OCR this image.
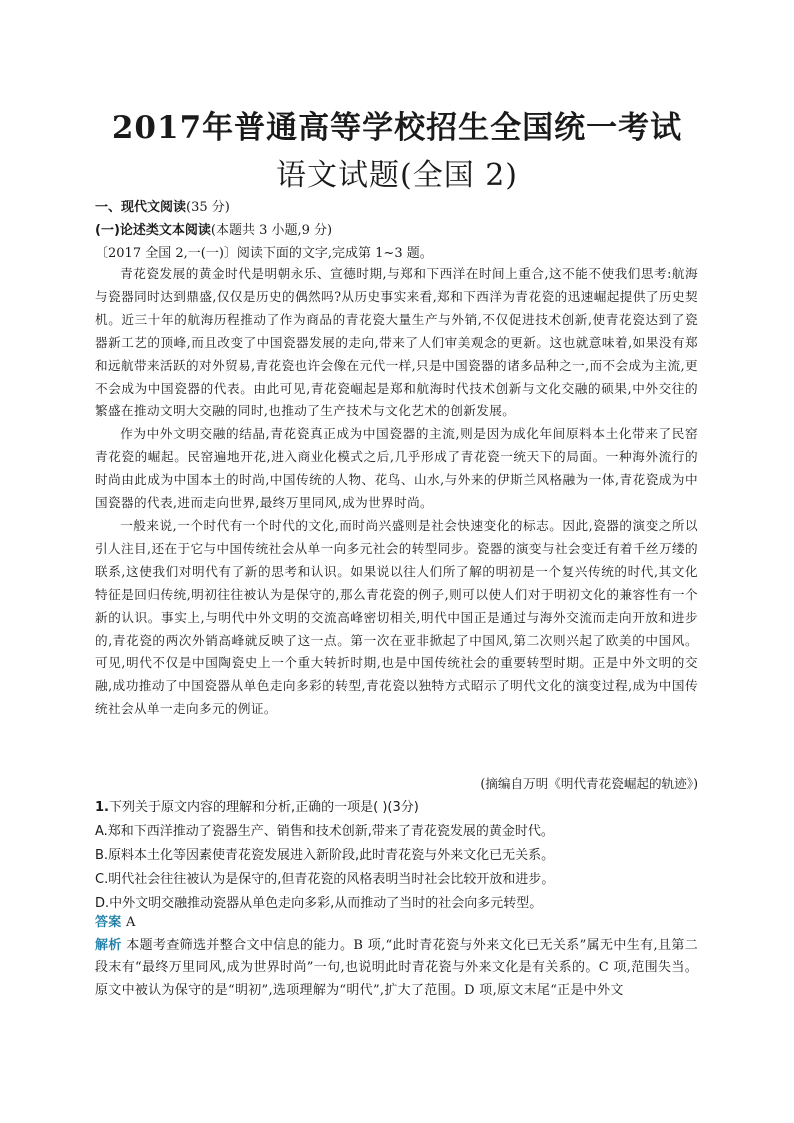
2017年普通高等学校招生全国统一考试
语文试题(全国 2)
一、现代文阅读(35 分)
(一)论述类文本阅读(本题共 3 小题,9 分)
〔2017 全国 2,一(一)〕阅读下面的文字,完成第 1~3 题。

青花瓷发展的黄金时代是明朝永乐、宣德时期,与郑和下西洋在时间上重合,这不能不使我们思考:航海与瓷器同时达到鼎盛,仅仅是历史的偶然吗?从历史事实来看,郑和下西洋为青花瓷的迅速崛起提供了历史契机。近三十年的航海历程推动了作为商品的青花瓷大量生产与外销,不仅促进技术创新,使青花瓷达到了瓷器新工艺的顶峰,而且改变了中国瓷器发展的走向,带来了人们审美观念的更新。这也就意味着,如果没有郑和远航带来活跃的对外贸易,青花瓷也许会像在元代一样,只是中国瓷器的诸多品种之一,而不会成为主流,更不会成为中国瓷器的代表。由此可见,青花瓷崛起是郑和航海时代技术创新与文化交融的硕果,中外交往的繁盛在推动文明大交融的同时,也推动了生产技术与文化艺术的创新发展。

作为中外文明交融的结晶,青花瓷真正成为中国瓷器的主流,则是因为成化年间原料本土化带来了民窑青花瓷的崛起。民窑遍地开花,进入商业化模式之后,几乎形成了青花瓷一统天下的局面。一种海外流行的时尚由此成为中国本土的时尚,中国传统的人物、花鸟、山水,与外来的伊斯兰风格融为一体,青花瓷成为中国瓷器的代表,进而走向世界,最终万里同风,成为世界时尚。

一般来说,一个时代有一个时代的文化,而时尚兴盛则是社会快速变化的标志。因此,瓷器的演变之所以引人注目,还在于它与中国传统社会从单一向多元社会的转型同步。瓷器的演变与社会变迁有着千丝万缕的联系,这使我们对明代有了新的思考和认识。如果说以往人们所了解的明初是一个复兴传统的时代,其文化特征是回归传统,明初往往被认为是保守的,那么青花瓷的例子,则可以使人们对于明初文化的兼容性有一个新的认识。事实上,与明代中外文明的交流高峰密切相关,明代中国正是通过与海外交流而走向开放和进步的,青花瓷的两次外销高峰就反映了这一点。第一次在亚非掀起了中国风,第二次则兴起了欧美的中国风。可见,明代不仅是中国陶瓷史上一个重大转折时期,也是中国传统社会的重要转型时期。正是中外文明的交融,成功推动了中国瓷器从单色走向多彩的转型,青花瓷以独特方式昭示了明代文化的演变过程,成为中国传统社会从单一走向多元的例证。

(摘编自万明《明代青花瓷崛起的轨迹》)
1.下列关于原文内容的理解和分析,正确的一项是( )(3分)
A.郑和下西洋推动了瓷器生产、销售和技术创新,带来了青花瓷发展的黄金时代。
B.原料本土化等因素使青花瓷发展进入新阶段,此时青花瓷与外来文化已无关系。
C.明代社会往往被认为是保守的,但青花瓷的风格表明当时社会比较开放和进步。
D.中外文明交融推动瓷器从单色走向多彩,从而推动了当时的社会向多元转型。
答案 A
解析 本题考查筛选并整合文中信息的能力。B 项,“此时青花瓷与外来文化已无关系”属无中生有,且第二段末有“最终万里同风,成为世界时尚”一句,也说明此时青花瓷与外来文化是有关系的。C 项,范围失当。原文中被认为保守的是“明初”,选项理解为“明代”,扩大了范围。D 项,原文末尾“正是中外文
